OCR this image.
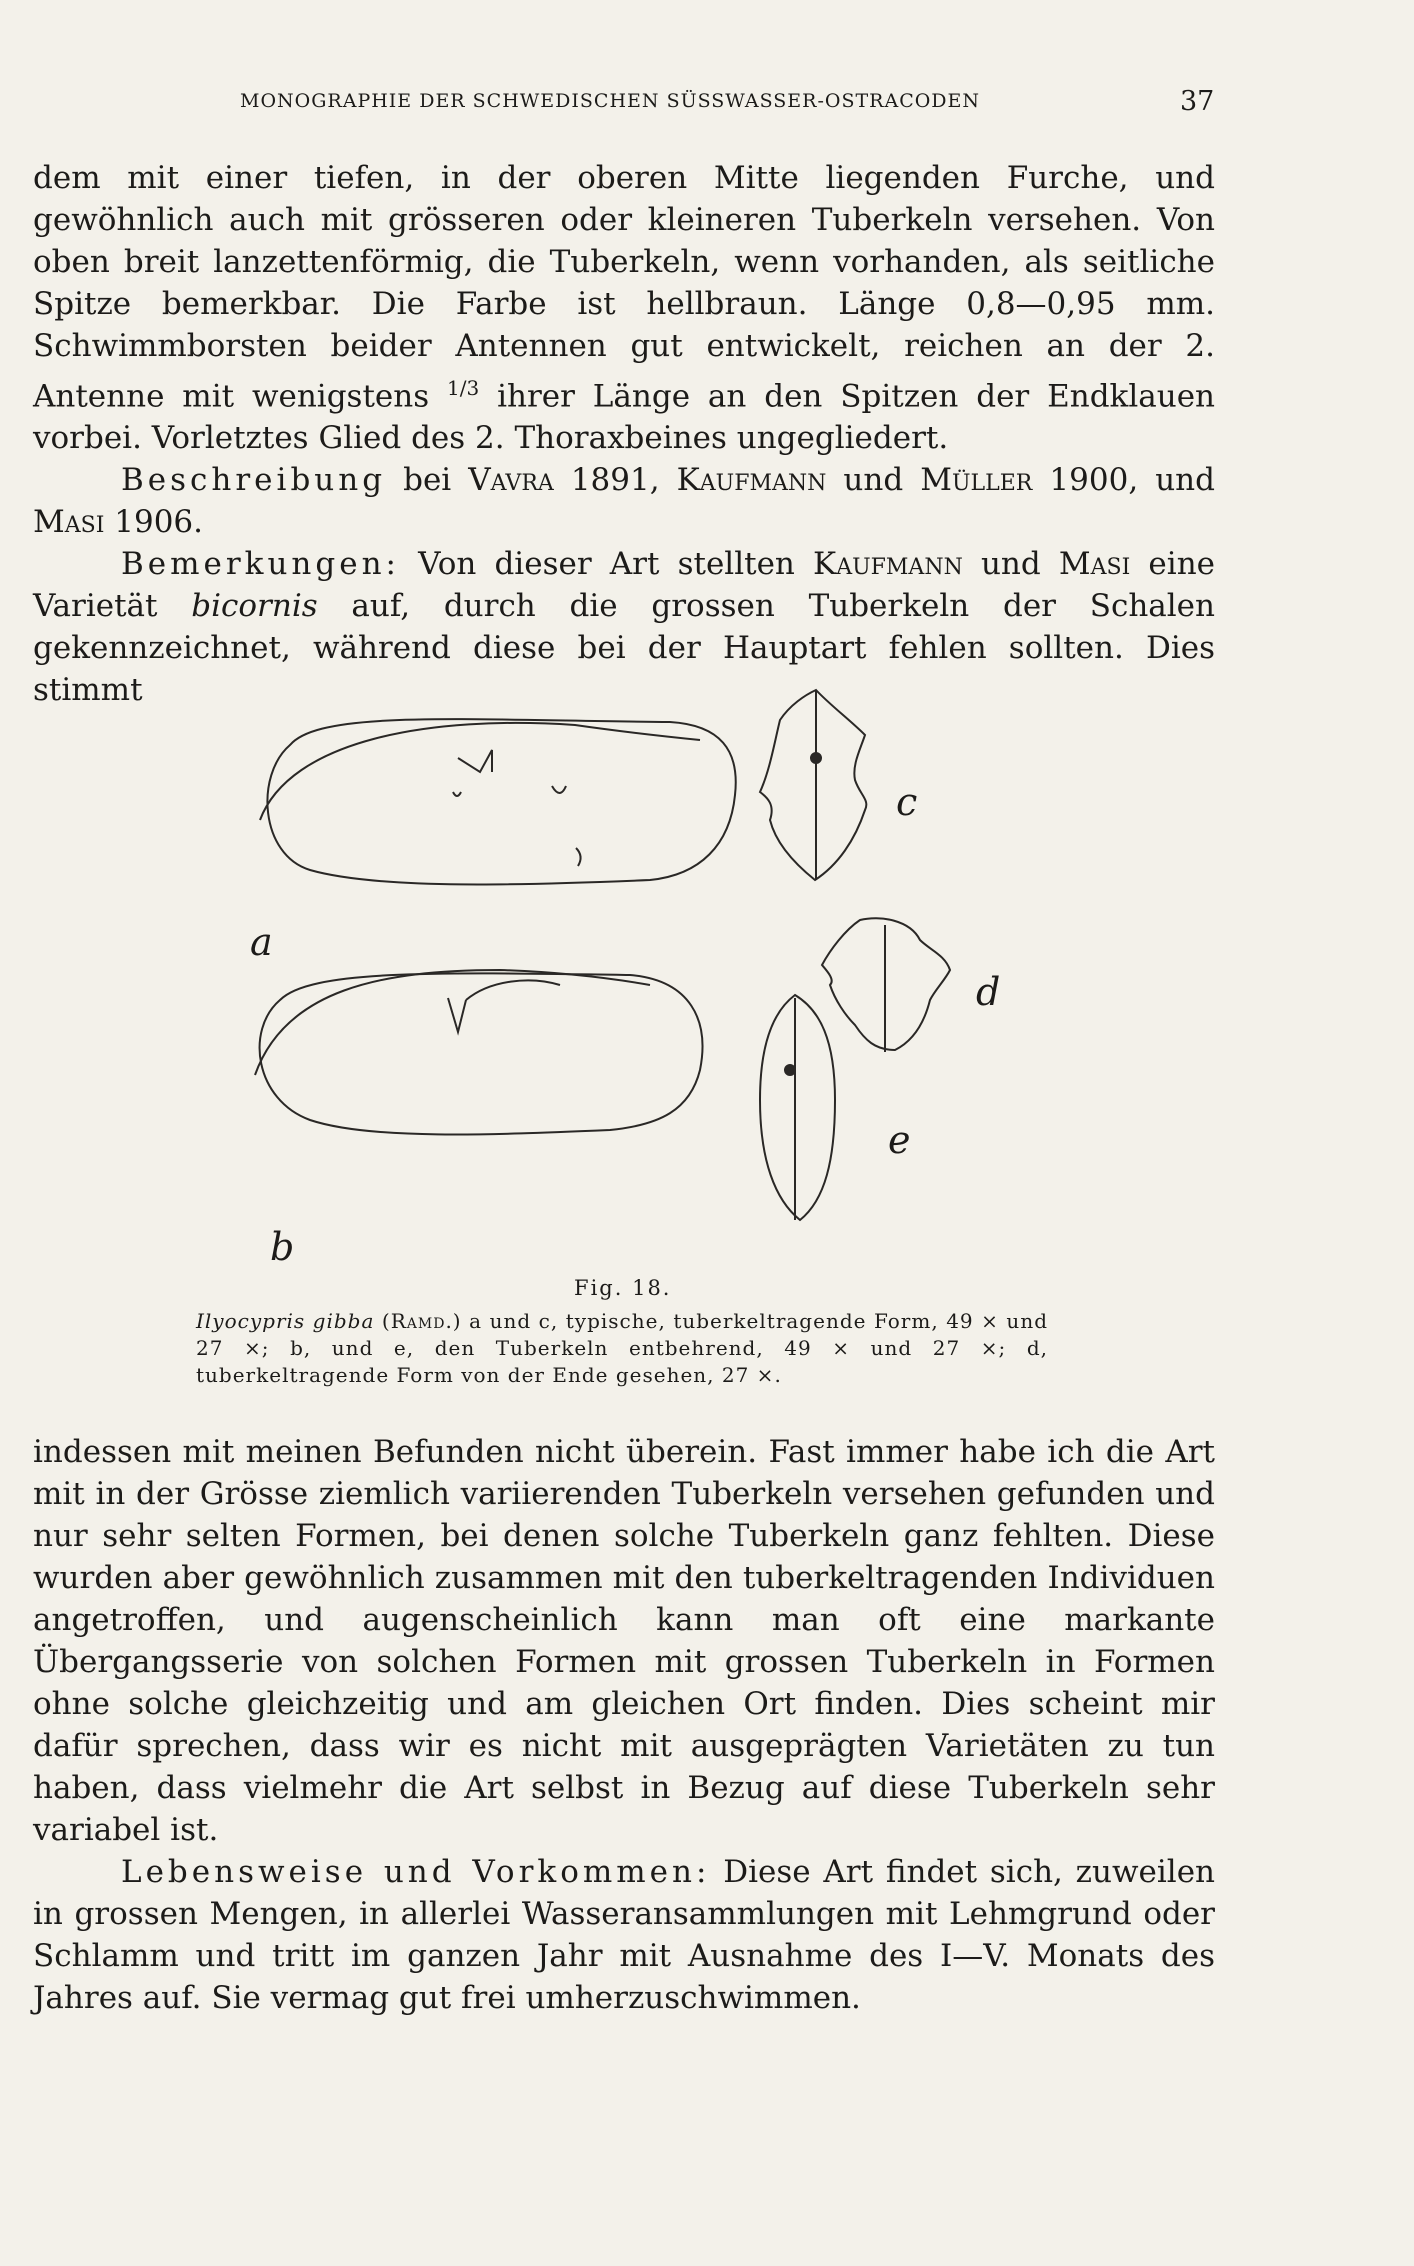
MONOGRAPHIE DER SCHWEDISCHEN SÜSSWASSER-OSTRACODEN	37

dem mit einer tiefen, in der oberen Mitte liegenden Furche, und gewöhnlich auch mit grösseren oder kleineren Tuberkeln versehen. Von oben breit lanzettenförmig, die Tuberkeln, wenn vorhanden, als seitliche Spitze bemerkbar. Die Farbe ist hellbraun. Länge 0,8—0,95 mm. Schwimmborsten beider Antennen gut entwickelt, reichen an der 2. Antenne mit wenigstens $^{1/3}$ ihrer Länge an den Spitzen der Endklauen vorbei. Vorletztes Glied des 2. Thoraxbeines ungegliedert.

Beschreibung bei Vavra 1891, Kaufmann und Müller 1900, und Masi 1906.

Bemerkungen: Von dieser Art stellten Kaufmann und Masi eine Varietät bicornis auf, durch die grossen Tuberkeln der Schalen gekennzeichnet, während diese bei der Hauptart fehlen sollten. Dies stimmt

a
b
c
d
e
Fig. 18.
Ilyocypris gibba (Ramd.) a und c, typische, tuberkeltragende Form, 49 × und 27 ×; b, und e, den Tuberkeln entbehrend, 49 × und 27 ×; d, tuberkeltragende Form von der Ende gesehen, 27 ×.

indessen mit meinen Befunden nicht überein. Fast immer habe ich die Art mit in der Grösse ziemlich variierenden Tuberkeln versehen gefunden und nur sehr selten Formen, bei denen solche Tuberkeln ganz fehlten. Diese wurden aber gewöhnlich zusammen mit den tuberkeltragenden Individuen angetroffen, und augenscheinlich kann man oft eine markante Übergangsserie von solchen Formen mit grossen Tuberkeln in Formen ohne solche gleichzeitig und am gleichen Ort finden. Dies scheint mir dafür sprechen, dass wir es nicht mit ausgeprägten Varietäten zu tun haben, dass vielmehr die Art selbst in Bezug auf diese Tuberkeln sehr variabel ist.

Lebensweise und Vorkommen: Diese Art findet sich, zuweilen in grossen Mengen, in allerlei Wasseransammlungen mit Lehmgrund oder Schlamm und tritt im ganzen Jahr mit Ausnahme des I—V. Monats des Jahres auf. Sie vermag gut frei umherzuschwimmen.
